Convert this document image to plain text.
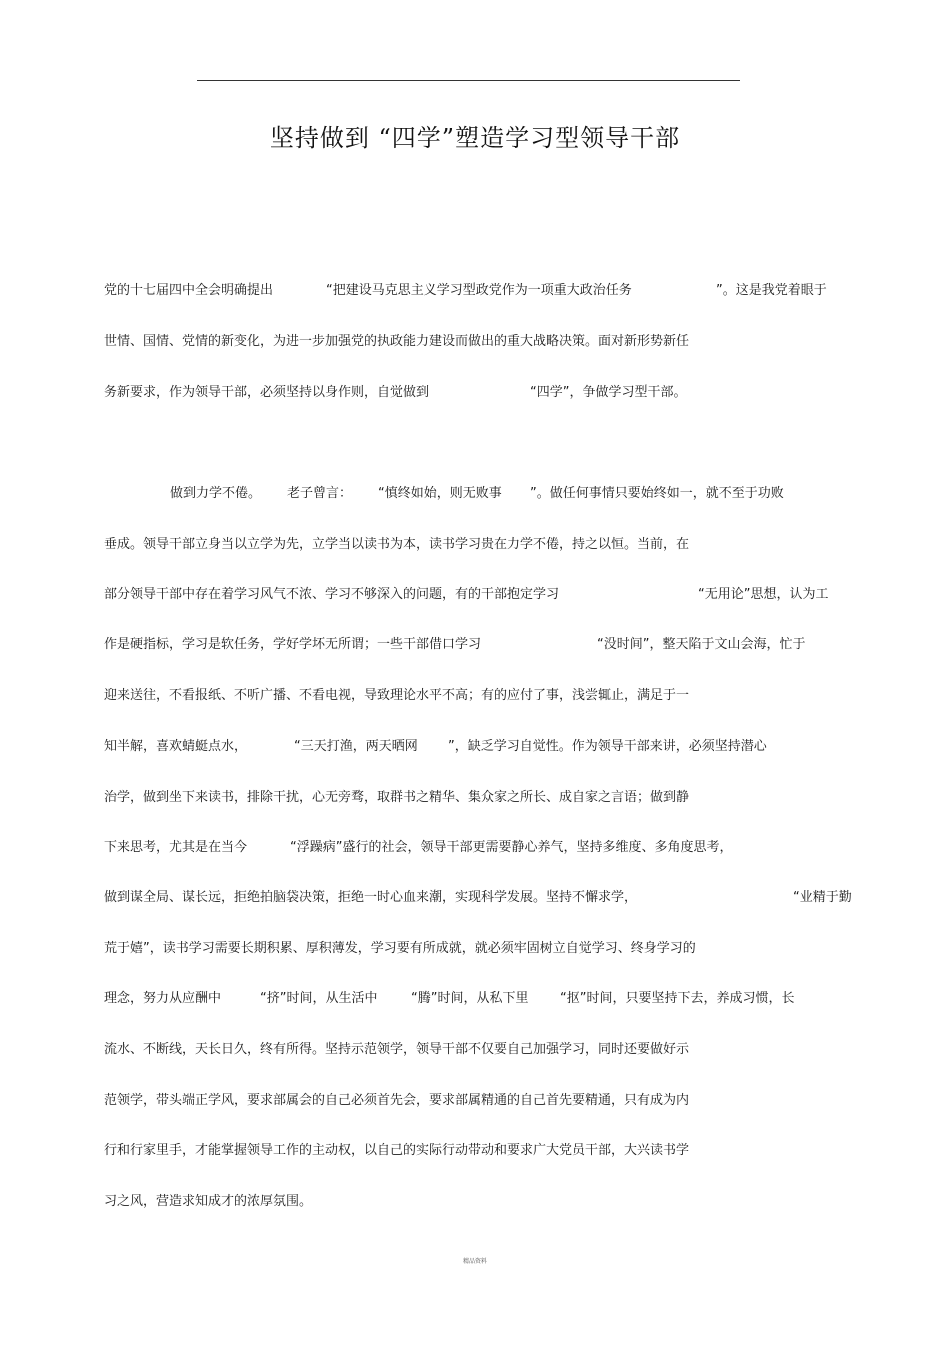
坚持做到 “四学”塑造学习型领导干部
党的十七届四中全会明确提出	“把建设马克思主义学习型政党作为一项重大政治任务	”。这是我党着眼于
世情、国情、党情的新变化，为进一步加强党的执政能力建设而做出的重大战略决策。面对新形势新任
务新要求，作为领导干部，必须坚持以身作则，自觉做到	“四学”，争做学习型干部。
做到力学不倦。 老子曾言： “慎终如始，则无败事 ”。做任何事情只要始终如一，就不至于功败
垂成。领导干部立身当以立学为先，立学当以读书为本，读书学习贵在力学不倦，持之以恒。当前，在
部分领导干部中存在着学习风气不浓、学习不够深入的问题，有的干部抱定学习	“无用论”思想，认为工
作是硬指标，学习是软任务，学好学坏无所谓；一些干部借口学习	“没时间”，整天陷于文山会海，忙于
迎来送往，不看报纸、不听广播、不看电视，导致理论水平不高；有的应付了事，浅尝辄止，满足于一
知半解，喜欢蜻蜓点水，	“三天打渔，两天晒网 ”，缺乏学习自觉性。作为领导干部来讲，必须坚持潜心
治学，做到坐下来读书，排除干扰，心无旁骛，取群书之精华、集众家之所长、成自家之言语；做到静
下来思考，尤其是在当今	“浮躁病”盛行的社会，领导干部更需要静心养气，坚持多维度、多角度思考，
做到谋全局、谋长远，拒绝拍脑袋决策，拒绝一时心血来潮，实现科学发展。坚持不懈求学，	“业精于勤
荒于嬉”，读书学习需要长期积累、厚积薄发，学习要有所成就，就必须牢固树立自觉学习、终身学习的
理念，努力从应酬中	“挤”时间，从生活中	“腾”时间，从私下里 “抠”时间，只要坚持下去，养成习惯，长
流水、不断线，天长日久，终有所得。坚持示范领学，领导干部不仅要自己加强学习，同时还要做好示
范领学，带头端正学风，要求部属会的自己必须首先会，要求部属精通的自己首先要精通，只有成为内
行和行家里手，才能掌握领导工作的主动权，以自己的实际行动带动和要求广大党员干部，大兴读书学
习之风，营造求知成才的浓厚氛围。
精品资料
